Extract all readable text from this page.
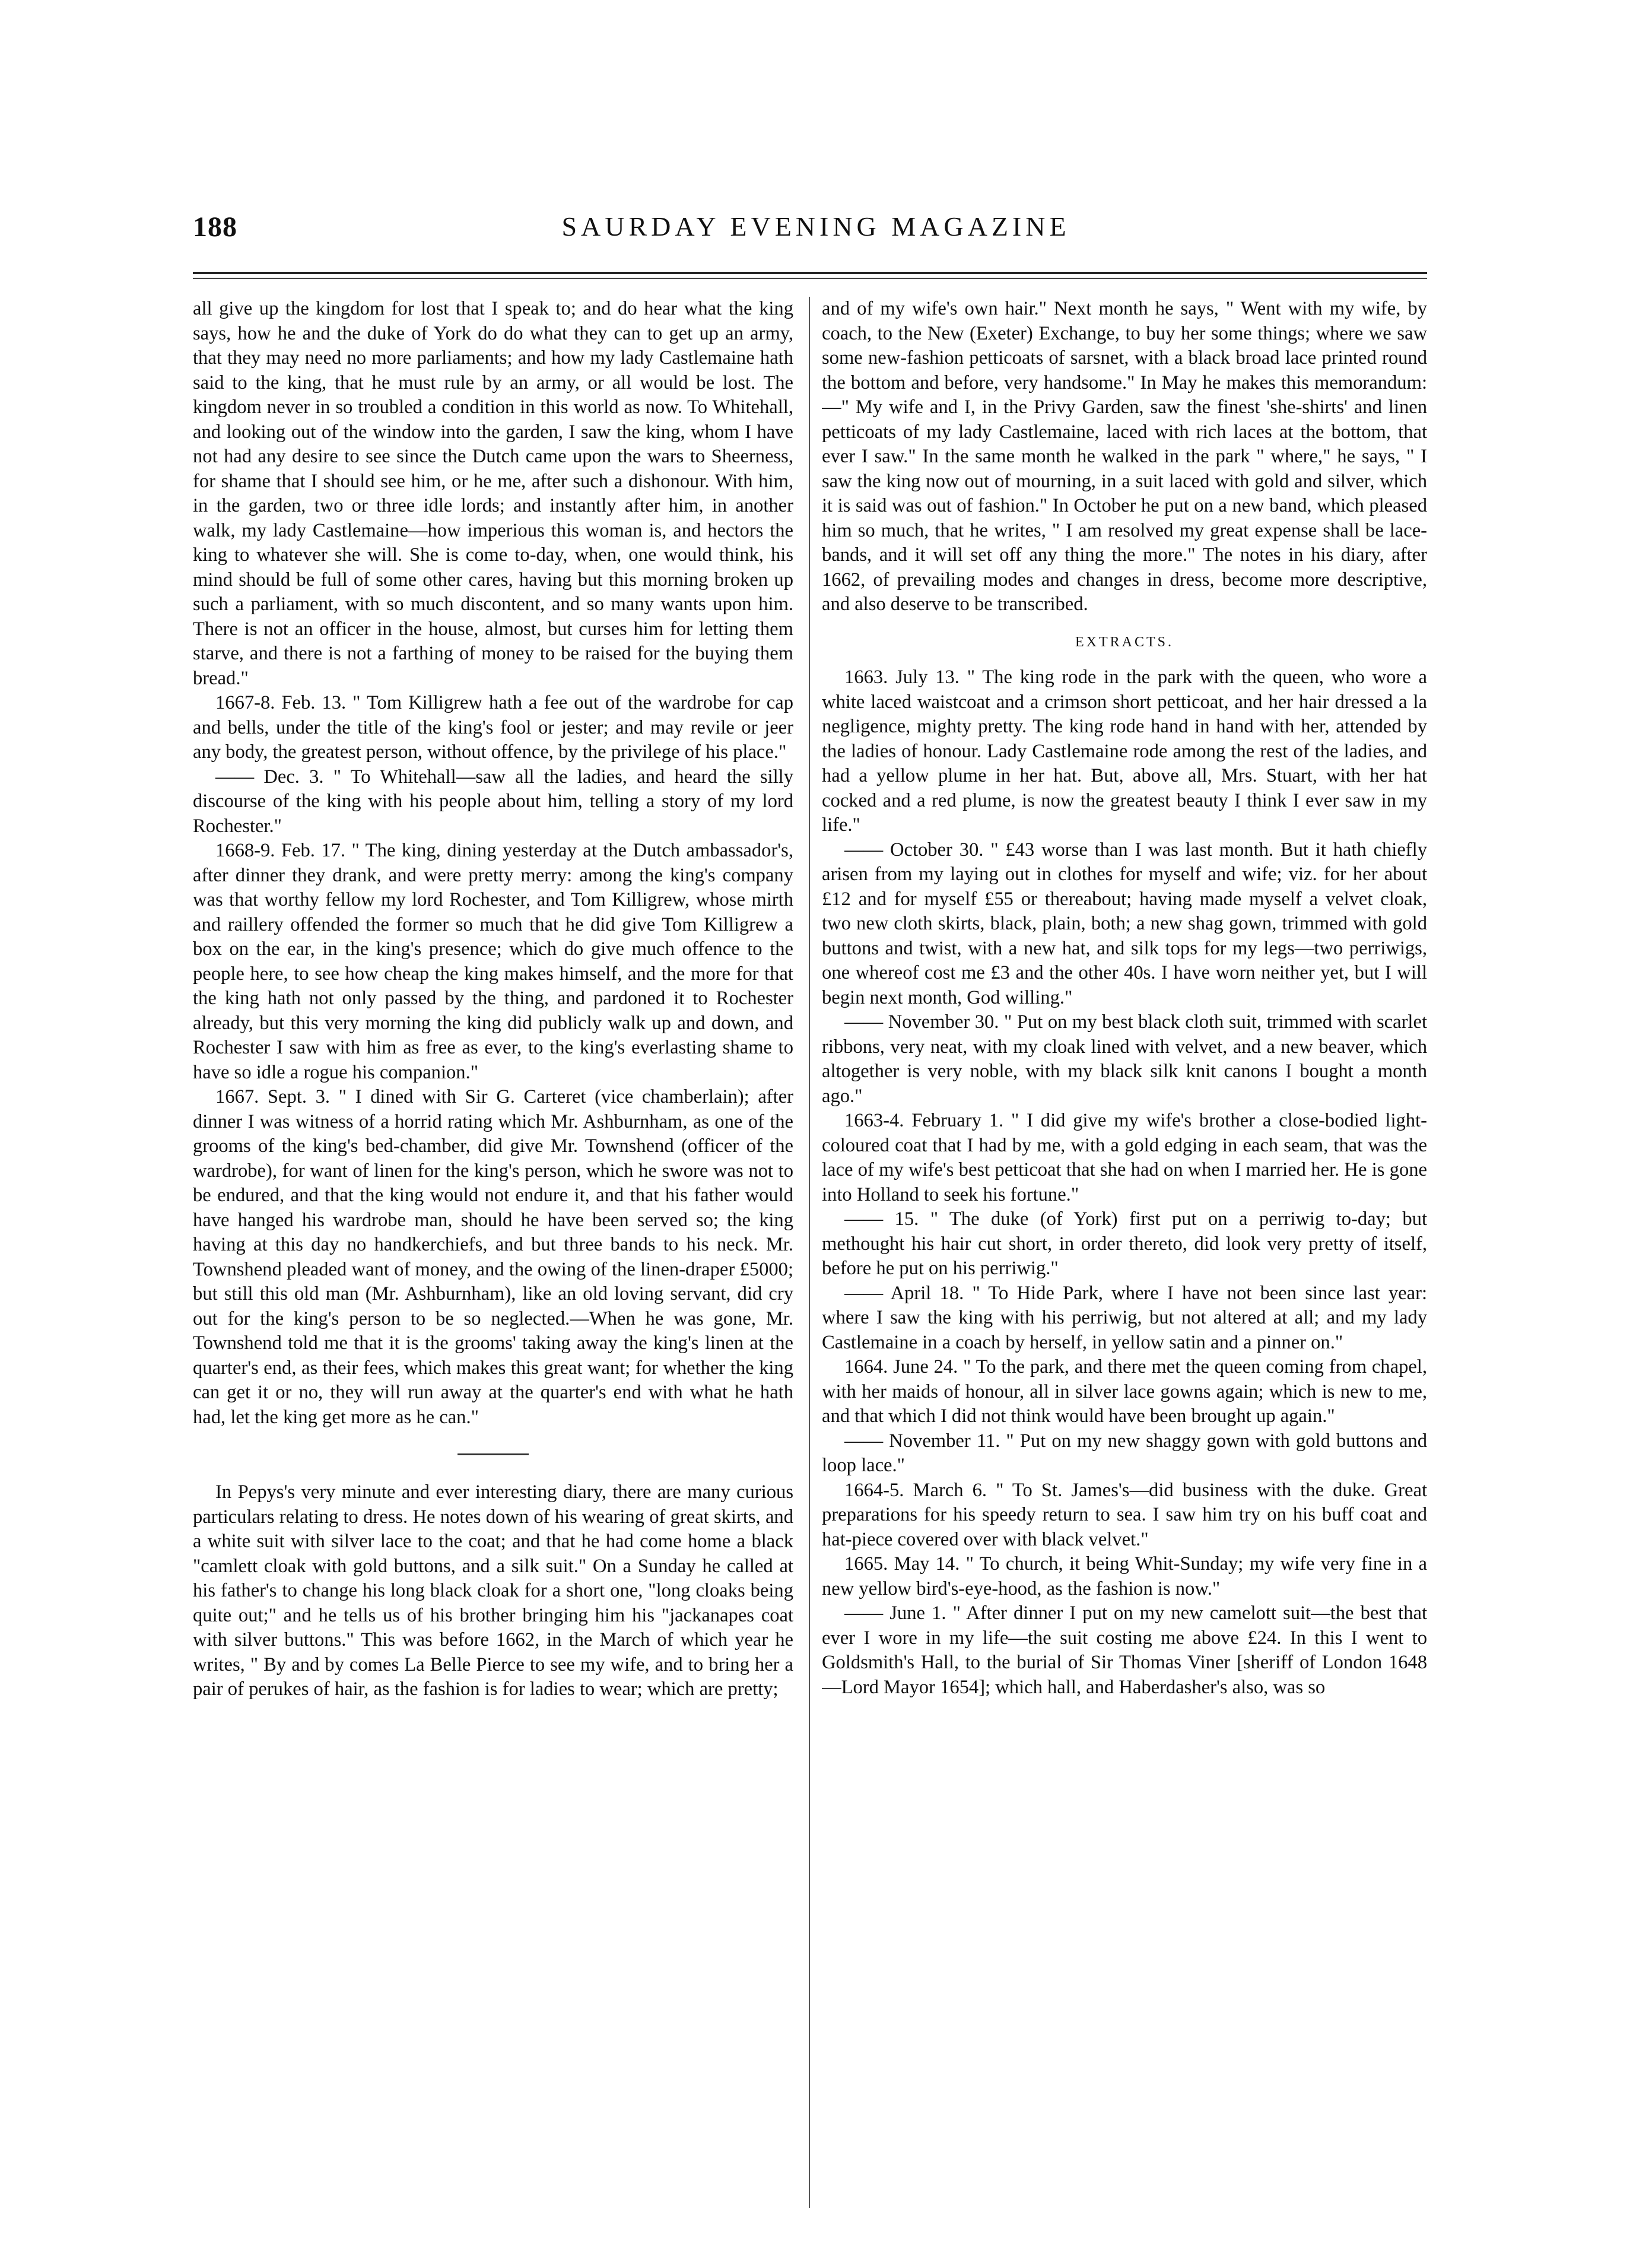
188	SAURDAY EVENING MAGAZINE

all give up the kingdom for lost that I speak to; and do hear what the king says, how he and the duke of York do do what they can to get up an army, that they may need no more parliaments; and how my lady Castlemaine hath said to the king, that he must rule by an army, or all would be lost. The kingdom never in so troubled a condition in this world as now. To Whitehall, and looking out of the window into the garden, I saw the king, whom I have not had any desire to see since the Dutch came upon the wars to Sheerness, for shame that I should see him, or he me, after such a dishonour. With him, in the garden, two or three idle lords; and instantly after him, in another walk, my lady Castlemaine—how imperious this woman is, and hectors the king to whatever she will. She is come to-day, when, one would think, his mind should be full of some other cares, having but this morning broken up such a parliament, with so much discontent, and so many wants upon him. There is not an officer in the house, almost, but curses him for letting them starve, and there is not a farthing of money to be raised for the buying them bread."

1667-8. Feb. 13. " Tom Killigrew hath a fee out of the wardrobe for cap and bells, under the title of the king's fool or jester; and may revile or jeer any body, the greatest person, without offence, by the privilege of his place."

—— Dec. 3. " To Whitehall—saw all the ladies, and heard the silly discourse of the king with his people about him, telling a story of my lord Rochester."

1668-9. Feb. 17. " The king, dining yesterday at the Dutch ambassador's, after dinner they drank, and were pretty merry: among the king's company was that worthy fellow my lord Rochester, and Tom Killigrew, whose mirth and raillery offended the former so much that he did give Tom Killigrew a box on the ear, in the king's presence; which do give much offence to the people here, to see how cheap the king makes himself, and the more for that the king hath not only passed by the thing, and pardoned it to Rochester already, but this very morning the king did publicly walk up and down, and Rochester I saw with him as free as ever, to the king's everlasting shame to have so idle a rogue his companion."

1667. Sept. 3. " I dined with Sir G. Carteret (vice chamberlain); after dinner I was witness of a horrid rating which Mr. Ashburnham, as one of the grooms of the king's bed-chamber, did give Mr. Townshend (officer of the wardrobe), for want of linen for the king's person, which he swore was not to be endured, and that the king would not endure it, and that his father would have hanged his wardrobe man, should he have been served so; the king having at this day no handkerchiefs, and but three bands to his neck. Mr. Townshend pleaded want of money, and the owing of the linen-draper £5000; but still this old man (Mr. Ashburnham), like an old loving servant, did cry out for the king's person to be so neglected.—When he was gone, Mr. Townshend told me that it is the grooms' taking away the king's linen at the quarter's end, as their fees, which makes this great want; for whether the king can get it or no, they will run away at the quarter's end with what he hath had, let the king get more as he can."

In Pepys's very minute and ever interesting diary, there are many curious particulars relating to dress. He notes down of his wearing of great skirts, and a white suit with silver lace to the coat; and that he had come home a black "camlett cloak with gold buttons, and a silk suit." On a Sunday he called at his father's to change his long black cloak for a short one, "long cloaks being quite out;" and he tells us of his brother bringing him his "jackanapes coat with silver buttons." This was before 1662, in the March of which year he writes, " By and by comes La Belle Pierce to see my wife, and to bring her a pair of perukes of hair, as the fashion is for ladies to wear; which are pretty;

and of my wife's own hair." Next month he says, " Went with my wife, by coach, to the New (Exeter) Exchange, to buy her some things; where we saw some new-fashion petticoats of sarsnet, with a black broad lace printed round the bottom and before, very handsome." In May he makes this memorandum:—" My wife and I, in the Privy Garden, saw the finest 'she-shirts' and linen petticoats of my lady Castlemaine, laced with rich laces at the bottom, that ever I saw." In the same month he walked in the park " where," he says, " I saw the king now out of mourning, in a suit laced with gold and silver, which it is said was out of fashion." In October he put on a new band, which pleased him so much, that he writes, " I am resolved my great expense shall be lace-bands, and it will set off any thing the more." The notes in his diary, after 1662, of prevailing modes and changes in dress, become more descriptive, and also deserve to be transcribed.

EXTRACTS.

1663. July 13. " The king rode in the park with the queen, who wore a white laced waistcoat and a crimson short petticoat, and her hair dressed a la negligence, mighty pretty. The king rode hand in hand with her, attended by the ladies of honour. Lady Castlemaine rode among the rest of the ladies, and had a yellow plume in her hat. But, above all, Mrs. Stuart, with her hat cocked and a red plume, is now the greatest beauty I think I ever saw in my life."

—— October 30. " £43 worse than I was last month. But it hath chiefly arisen from my laying out in clothes for myself and wife; viz. for her about £12 and for myself £55 or thereabout; having made myself a velvet cloak, two new cloth skirts, black, plain, both; a new shag gown, trimmed with gold buttons and twist, with a new hat, and silk tops for my legs—two perriwigs, one whereof cost me £3 and the other 40s. I have worn neither yet, but I will begin next month, God willing."

—— November 30. " Put on my best black cloth suit, trimmed with scarlet ribbons, very neat, with my cloak lined with velvet, and a new beaver, which altogether is very noble, with my black silk knit canons I bought a month ago."

1663-4. February 1. " I did give my wife's brother a close-bodied light-coloured coat that I had by me, with a gold edging in each seam, that was the lace of my wife's best petticoat that she had on when I married her. He is gone into Holland to seek his fortune."

—— 15. " The duke (of York) first put on a perriwig to-day; but methought his hair cut short, in order thereto, did look very pretty of itself, before he put on his perriwig."

—— April 18. " To Hide Park, where I have not been since last year: where I saw the king with his perriwig, but not altered at all; and my lady Castlemaine in a coach by herself, in yellow satin and a pinner on."

1664. June 24. " To the park, and there met the queen coming from chapel, with her maids of honour, all in silver lace gowns again; which is new to me, and that which I did not think would have been brought up again."

—— November 11. " Put on my new shaggy gown with gold buttons and loop lace."

1664-5. March 6. " To St. James's—did business with the duke. Great preparations for his speedy return to sea. I saw him try on his buff coat and hat-piece covered over with black velvet."

1665. May 14. " To church, it being Whit-Sunday; my wife very fine in a new yellow bird's-eye-hood, as the fashion is now."

—— June 1. " After dinner I put on my new camelott suit—the best that ever I wore in my life—the suit costing me above £24. In this I went to Goldsmith's Hall, to the burial of Sir Thomas Viner [sheriff of London 1648—Lord Mayor 1654]; which hall, and Haberdasher's also, was so
